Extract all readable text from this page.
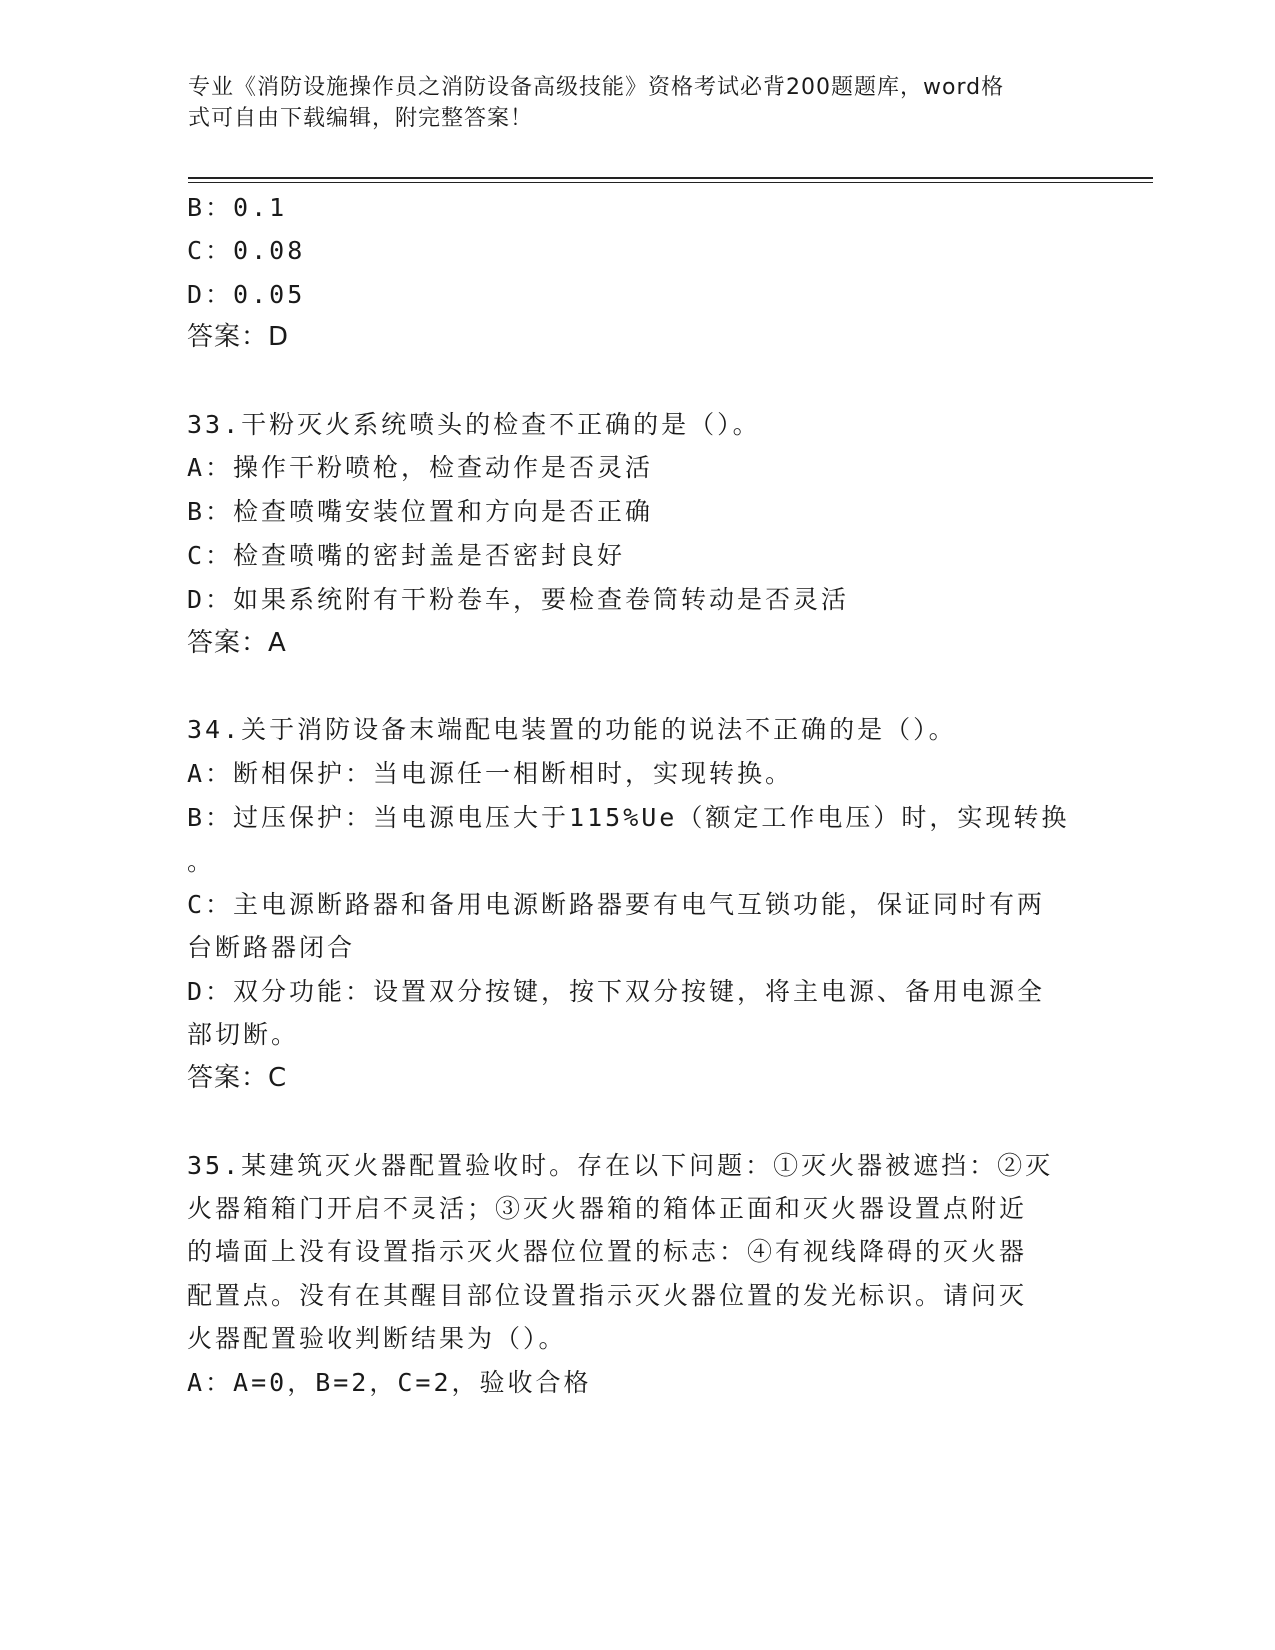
专业《消防设施操作员之消防设备高级技能》资格考试必背200题题库，word格
式可自由下载编辑，附完整答案！
B：0.1
C：0.08
D：0.05
答案：D
33.干粉灭火系统喷头的检查不正确的是（）。
A：操作干粉喷枪，检查动作是否灵活
B：检查喷嘴安装位置和方向是否正确
C：检查喷嘴的密封盖是否密封良好
D：如果系统附有干粉卷车，要检查卷筒转动是否灵活
答案：A
34.关于消防设备末端配电装置的功能的说法不正确的是（）。
A：断相保护：当电源任一相断相时，实现转换。
B：过压保护：当电源电压大于115%Ue（额定工作电压）时，实现转换
。
C：主电源断路器和备用电源断路器要有电气互锁功能，保证同时有两
台断路器闭合
D：双分功能：设置双分按键，按下双分按键，将主电源、备用电源全
部切断。
答案：C
35.某建筑灭火器配置验收时。存在以下问题：①灭火器被遮挡：②灭
火器箱箱门开启不灵活；③灭火器箱的箱体正面和灭火器设置点附近
的墙面上没有设置指示灭火器位位置的标志：④有视线降碍的灭火器
配置点。没有在其醒目部位设置指示灭火器位置的发光标识。请问灭
火器配置验收判断结果为（）。
A：A=0，B=2，C=2，验收合格
